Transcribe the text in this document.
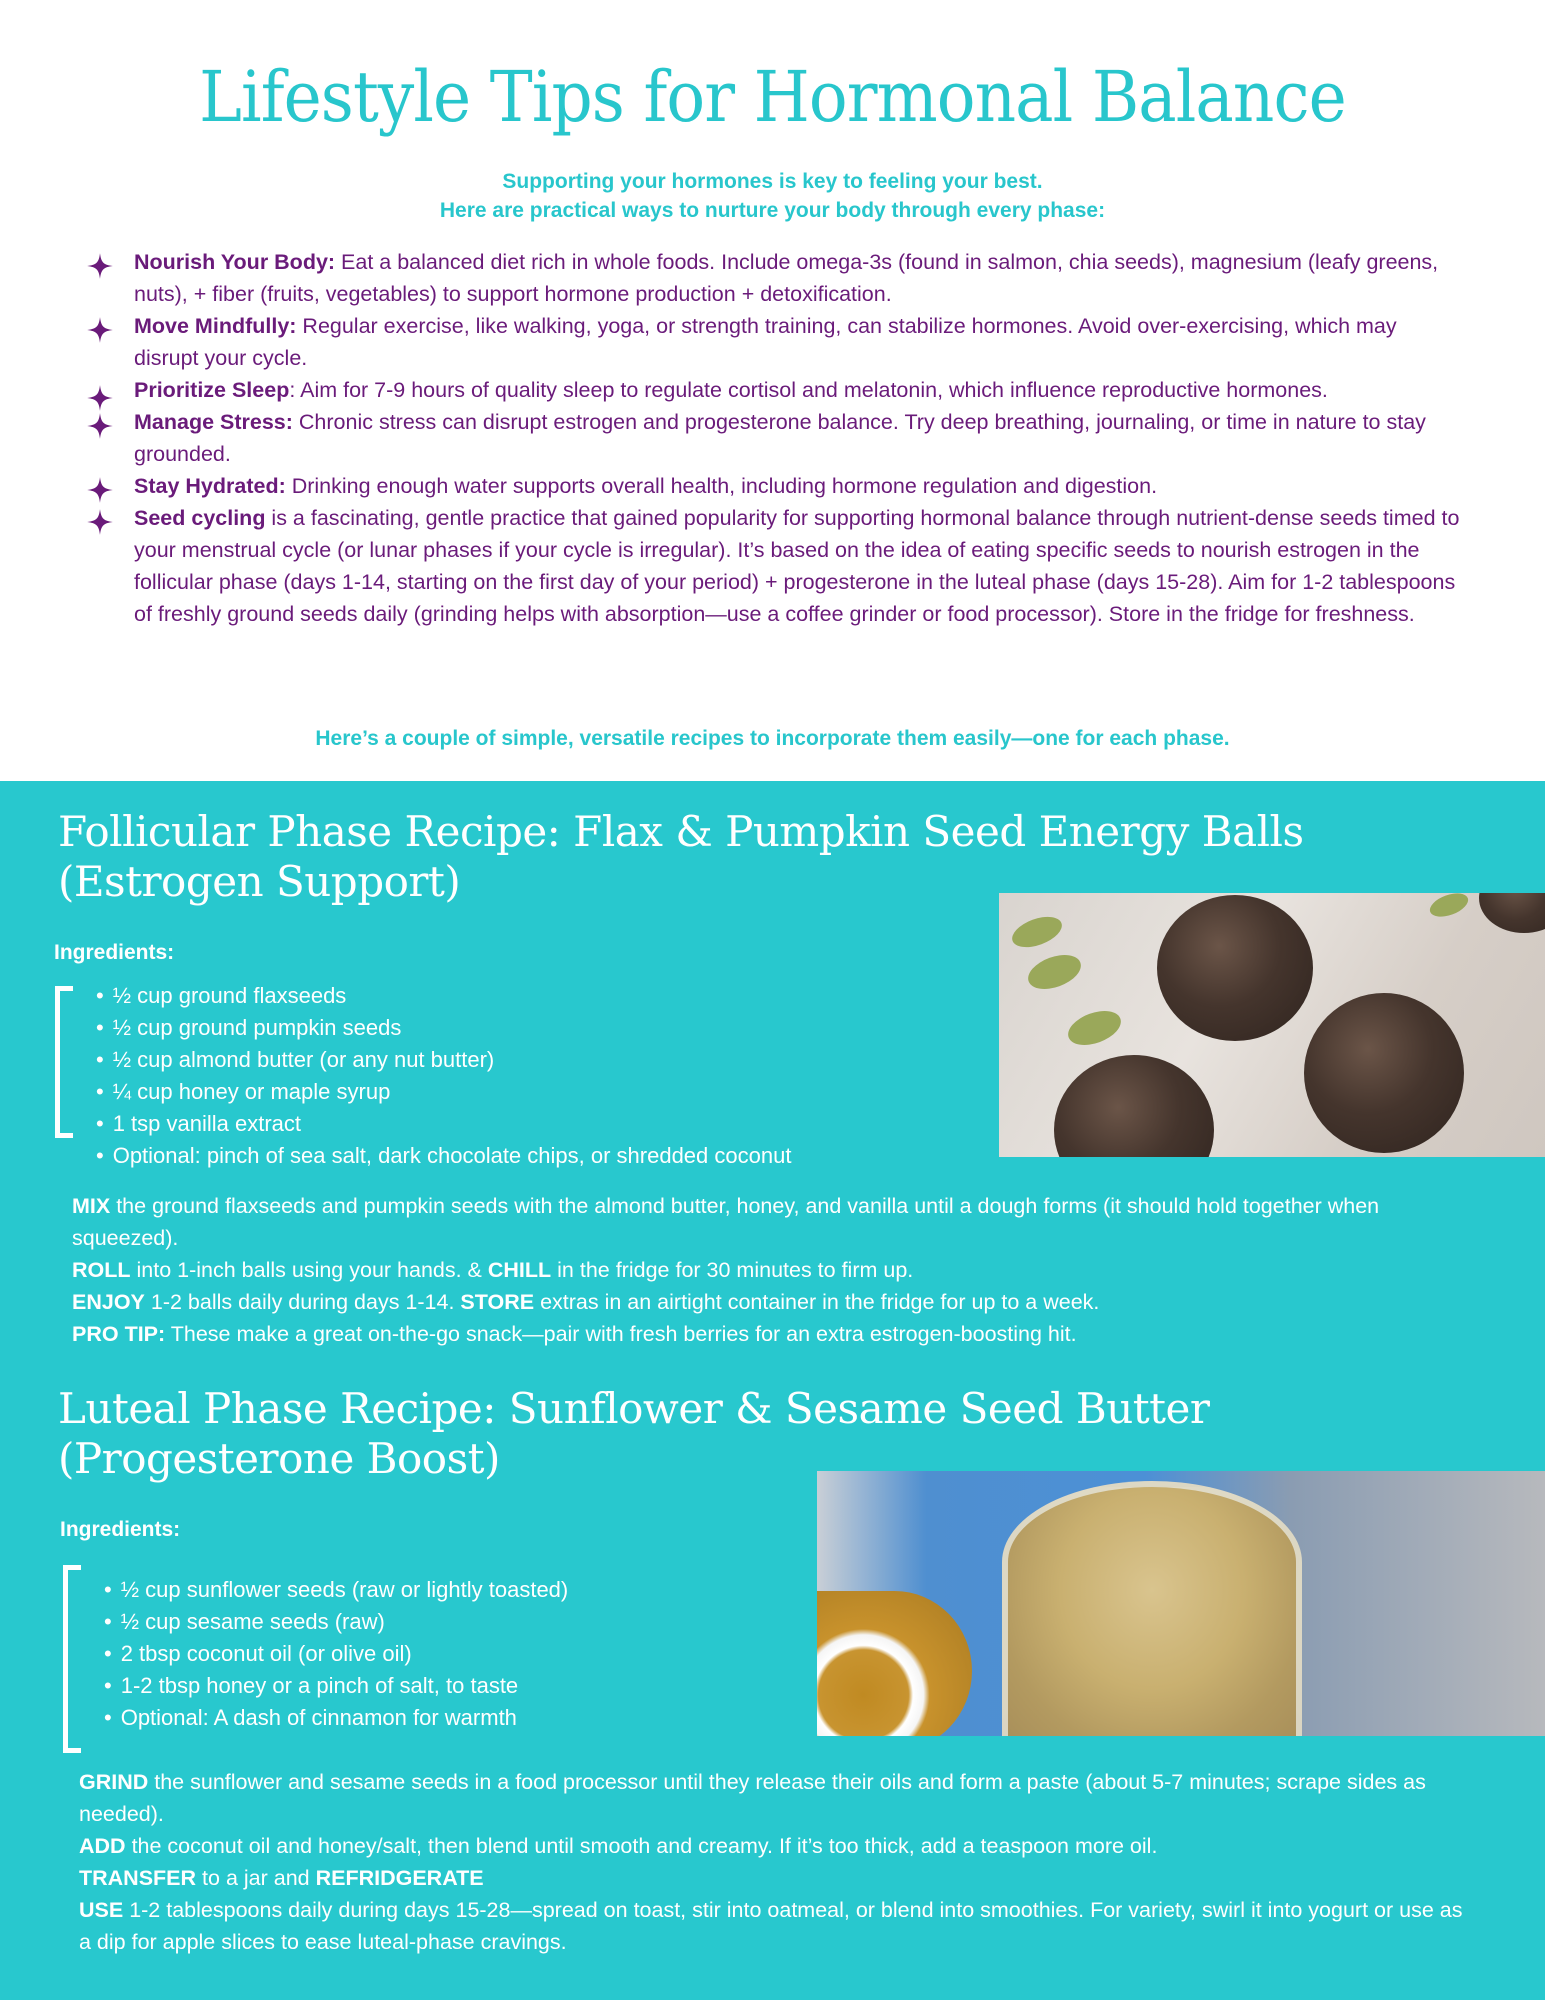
Lifestyle Tips for Hormonal Balance

Supporting your hormones is key to feeling your best.

Here are practical ways to nurture your body through every phase:

Nourish Your Body: Eat a balanced diet rich in whole foods. Include omega-3s (found in salmon, chia seeds), magnesium (leafy greens, nuts), + fiber (fruits, vegetables) to support hormone production + detoxification.
Move Mindfully: Regular exercise, like walking, yoga, or strength training, can stabilize hormones. Avoid over-exercising, which may disrupt your cycle.
Prioritize Sleep: Aim for 7-9 hours of quality sleep to regulate cortisol and melatonin, which influence reproductive hormones.
Manage Stress: Chronic stress can disrupt estrogen and progesterone balance. Try deep breathing, journaling, or time in nature to stay grounded.
Stay Hydrated: Drinking enough water supports overall health, including hormone regulation and digestion.
Seed cycling is a fascinating, gentle practice that gained popularity for supporting hormonal balance through nutrient-dense seeds timed to your menstrual cycle (or lunar phases if your cycle is irregular). It’s based on the idea of eating specific seeds to nourish estrogen in the follicular phase (days 1-14, starting on the first day of your period) + progesterone in the luteal phase (days 15-28). Aim for 1-2 tablespoons of freshly ground seeds daily (grinding helps with absorption—use a coffee grinder or food processor). Store in the fridge for freshness.

Here’s a couple of simple, versatile recipes to incorporate them easily—one for each phase.

Follicular Phase Recipe: Flax & Pumpkin Seed Energy Balls
(Estrogen Support)
Ingredients:
• ½ cup ground flaxseeds
• ½ cup ground pumpkin seeds
• ½ cup almond butter (or any nut butter)
• ¼ cup honey or maple syrup
• 1 tsp vanilla extract
• Optional: pinch of sea salt, dark chocolate chips, or shredded coconut
MIX the ground flaxseeds and pumpkin seeds with the almond butter, honey, and vanilla until a dough forms (it should hold together when squeezed).
ROLL into 1-inch balls using your hands. & CHILL in the fridge for 30 minutes to firm up.
ENJOY 1-2 balls daily during days 1-14. STORE extras in an airtight container in the fridge for up to a week.
PRO TIP: These make a great on-the-go snack—pair with fresh berries for an extra estrogen-boosting hit.
Luteal Phase Recipe: Sunflower & Sesame Seed Butter
(Progesterone Boost)
Ingredients:
• ½ cup sunflower seeds (raw or lightly toasted)
• ½ cup sesame seeds (raw)
• 2 tbsp coconut oil (or olive oil)
• 1-2 tbsp honey or a pinch of salt, to taste
• Optional: A dash of cinnamon for warmth
GRIND the sunflower and sesame seeds in a food processor until they release their oils and form a paste (about 5-7 minutes; scrape sides as needed).
ADD the coconut oil and honey/salt, then blend until smooth and creamy. If it’s too thick, add a teaspoon more oil.
TRANSFER to a jar and REFRIDGERATE
USE 1-2 tablespoons daily during days 15-28—spread on toast, stir into oatmeal, or blend into smoothies. For variety, swirl it into yogurt or use as a dip for apple slices to ease luteal-phase cravings.
